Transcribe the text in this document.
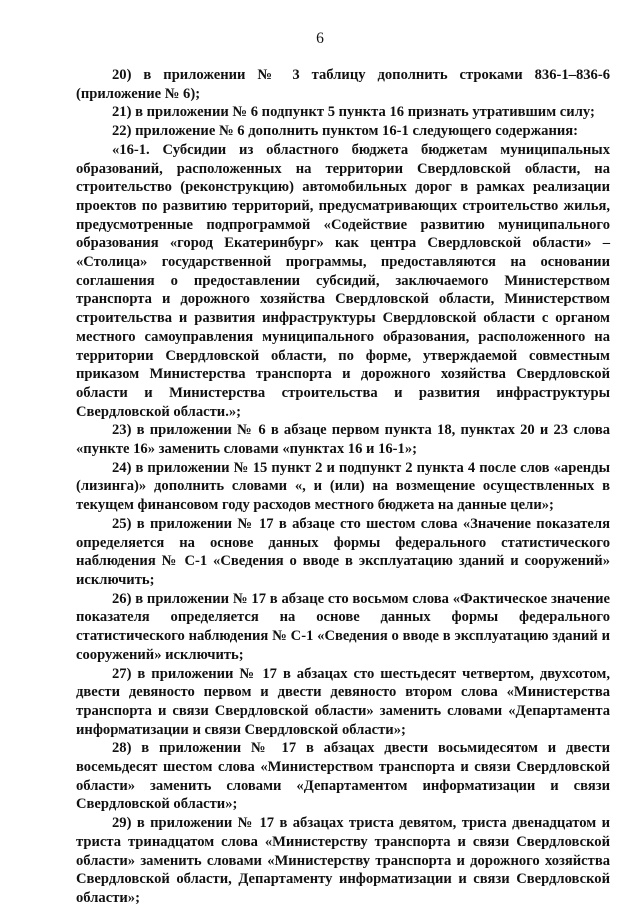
6

20) в приложении № 3 таблицу дополнить строками 836-1–836-6 (приложение № 6);

21) в приложении № 6 подпункт 5 пункта 16 признать утратившим силу;

22) приложение № 6 дополнить пунктом 16-1 следующего содержания:

«16-1. Субсидии из областного бюджета бюджетам муниципальных образований, расположенных на территории Свердловской области, на строительство (реконструкцию) автомобильных дорог в рамках реализации проектов по развитию территорий, предусматривающих строительство жилья, предусмотренные подпрограммой «Содействие развитию муниципального образования «город Екатеринбург» как центра Свердловской области» – «Столица» государственной программы, предоставляются на основании соглашения о предоставлении субсидий, заключаемого Министерством транспорта и дорожного хозяйства Свердловской области, Министерством строительства и развития инфраструктуры Свердловской области с органом местного самоуправления муниципального образования, расположенного на территории Свердловской области, по форме, утверждаемой совместным приказом Министерства транспорта и дорожного хозяйства Свердловской области и Министерства строительства и развития инфраструктуры Свердловской области.»;

23) в приложении № 6 в абзаце первом пункта 18, пунктах 20 и 23 слова «пункте 16» заменить словами «пунктах 16 и 16-1»;

24) в приложении № 15 пункт 2 и подпункт 2 пункта 4 после слов «аренды (лизинга)» дополнить словами «, и (или) на возмещение осуществленных в текущем финансовом году расходов местного бюджета на данные цели»;

25) в приложении № 17 в абзаце сто шестом слова «Значение показателя определяется на основе данных формы федерального статистического наблюдения № С-1 «Сведения о вводе в эксплуатацию зданий и сооружений» исключить;

26) в приложении № 17 в абзаце сто восьмом слова «Фактическое значение показателя определяется на основе данных формы федерального статистического наблюдения № С-1 «Сведения о вводе в эксплуатацию зданий и сооружений» исключить;

27) в приложении № 17 в абзацах сто шестьдесят четвертом, двухсотом, двести девяносто первом и двести девяносто втором слова «Министерства транспорта и связи Свердловской области» заменить словами «Департамента информатизации и связи Свердловской области»;

28) в приложении № 17 в абзацах двести восьмидесятом и двести восемьдесят шестом слова «Министерством транспорта и связи Свердловской области» заменить словами «Департаментом информатизации и связи Свердловской области»;

29) в приложении № 17 в абзацах триста девятом, триста двенадцатом и триста тринадцатом слова «Министерству транспорта и связи Свердловской области» заменить словами «Министерству транспорта и дорожного хозяйства Свердловской области, Департаменту информатизации и связи Свердловской области»;
